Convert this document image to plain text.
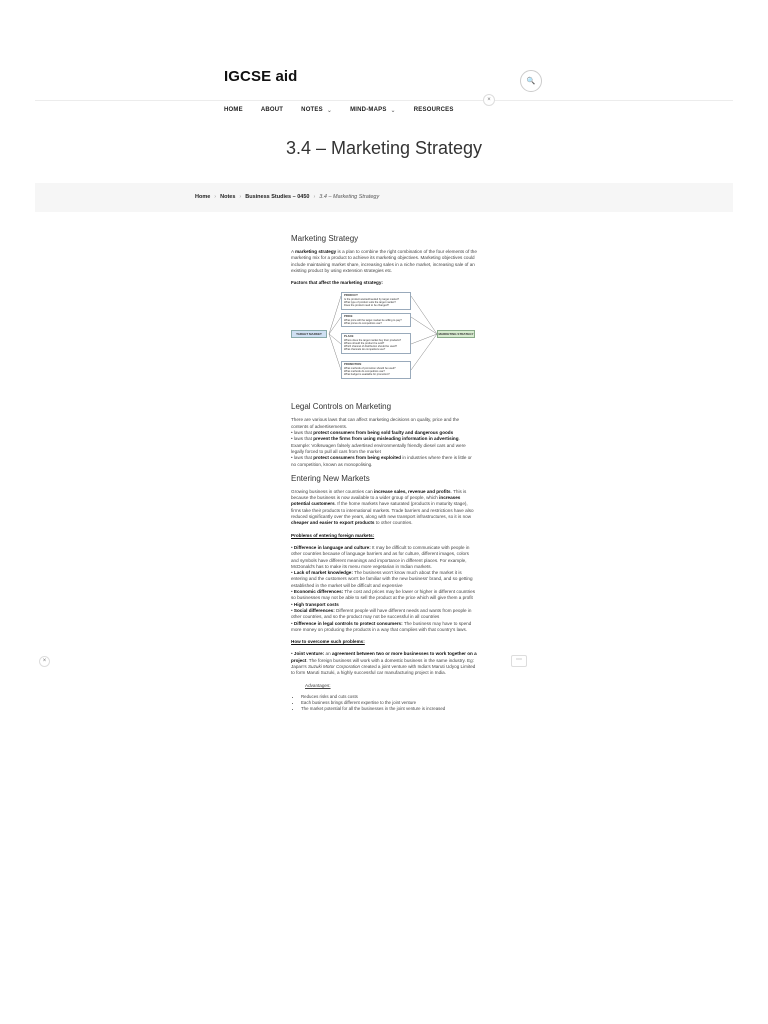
IGCSE aid	🔍
×
HOME	ABOUT	NOTES ⌄	MIND-MAPS ⌄	RESOURCES
3.4 – Marketing Strategy
Home › Notes › Business Studies – 0450 › 3.4 – Marketing Strategy
×	⋯
Marketing Strategy
A marketing strategy is a plan to combine the right combination of the four elements of the marketing mix for a product to achieve its marketing objectives. Marketing objectives could include maintaining market share, increasing sales in a niche market, increasing sale of an existing product by using extension strategies etc.
Factors that affect the marketing strategy:
TARGET MARKET	MARKETING STRATEGY
PRODUCT
Is the product wanted/needed by target market?
What type of product suits the target market?
Does the product need to be changed?
PRICE
What price will the target market be willing to pay?
What prices do competitors use?
PLACE
Where does the target market buy their products?
Where should the product be sold?
Which channel of distribution should be used?
What channels do competitors use?
PROMOTION
What methods of promotion should be used?
What methods do competitors use?
What budget is available for promotion?
Legal Controls on Marketing
There are various laws that can affect marketing decisions on quality, price and the contents of advertisements.
• laws that protect consumers from being sold faulty and dangerous goods
• laws that prevent the firms from using misleading information in advertising. Example: Volkswagen falsely advertised environmentally friendly diesel cars and were legally forced to pull all cars from the market
• laws that protect consumers from being exploited in industries where there is little or no competition, known as monopolising.
Entering New Markets
Growing business in other countries can increase sales, revenue and profits. This is because the business is now available to a wider group of people, which increases potential customers. If the home markets have saturated (products in maturity stage), firms take their products to international markets. Trade barriers and restrictions have also reduced significantly over the years, along with new transport infrastructures, so it is now cheaper and easier to export products to other countries.
Problems of entering foreign markets:
• Difference in language and culture: It may be difficult to communicate with people in other countries because of language barriers and as for culture, different images, colors and symbols have different meanings and importance in different places. For example, McDonald's has to make its menu more vegetarian in Indian markets.
• Lack of market knowledge: The business won't know much about the market it is entering and the customers won't be familiar with the new business' brand, and so getting established in the market will be difficult and expensive
• Economic differences: The cost and prices may be lower or higher in different countries so businesses may not be able to sell the product at the price which will give them a profit
• High transport costs
• Social differences: Different people will have different needs and wants from people in other countries, and so the product may not be successful in all countries
• Difference in legal controls to protect consumers: The business may have to spend more money on producing the products in a way that complies with that country's laws.
How to overcome such problems:
• Joint venture: an agreement between two or more businesses to work together on a project. The foreign business will work with a domestic business in the same industry. Eg: Japan's Suzuki Motor Corporation created a joint venture with India's Maruti Udyog Limited to form Maruti Suzuki, a highly successful car manufacturing project in India.
Advantages:
• Reduces risks and cuts costs
• Each business brings different expertise to the joint venture
• The market potential for all the businesses in the joint venture is increased
